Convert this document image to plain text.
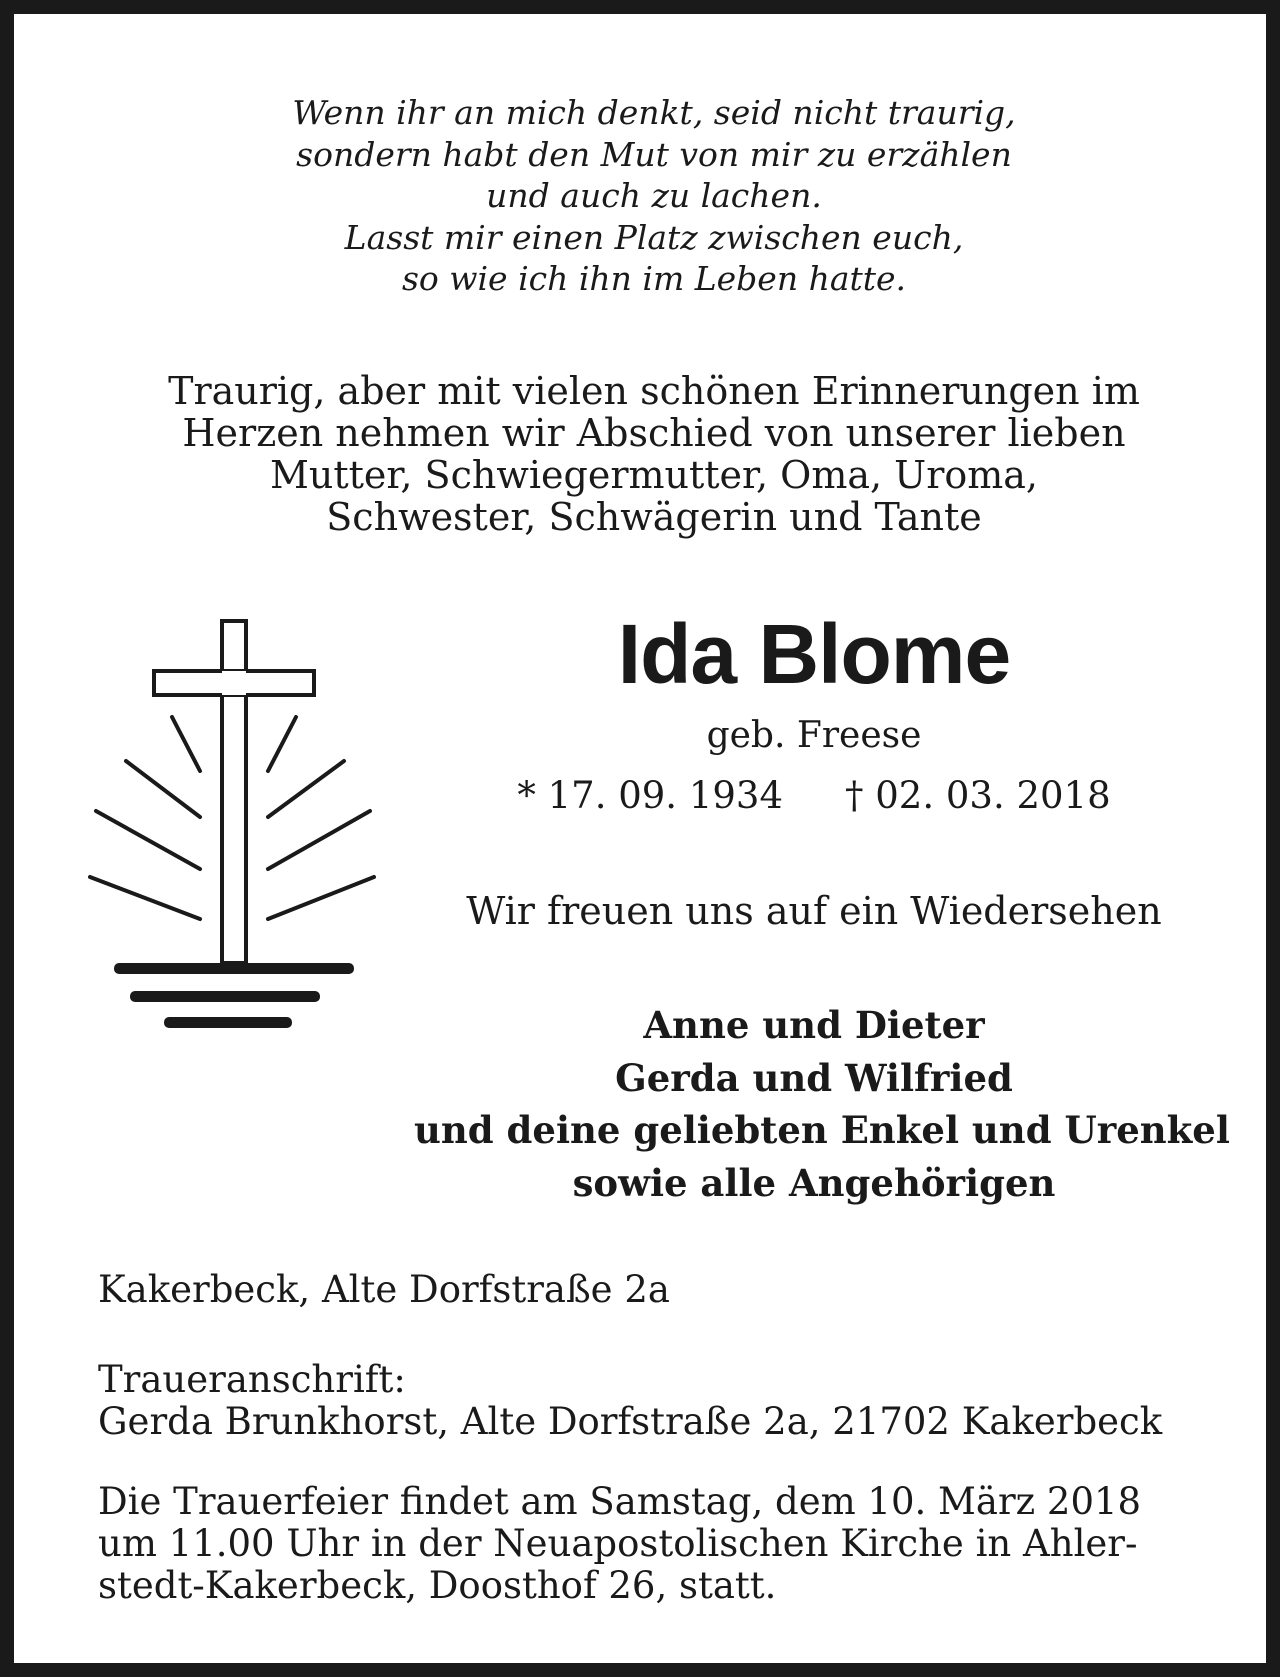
Wenn ihr an mich denkt, seid nicht traurig,
sondern habt den Mut von mir zu erzählen
und auch zu lachen.
Lasst mir einen Platz zwischen euch,
so wie ich ihn im Leben hatte.
Traurig, aber mit vielen schönen Erinnerungen im
Herzen nehmen wir Abschied von unserer lieben
Mutter, Schwiegermutter, Oma, Uroma,
Schwester, Schwägerin und Tante
Ida Blome
geb. Freese
* 17. 09. 1934 † 02. 03. 2018
Wir freuen uns auf ein Wiedersehen
Anne und Dieter
Gerda und Wilfried
und deine geliebten Enkel und Urenkel
sowie alle Angehörigen
Kakerbeck, Alte Dorfstraße 2a
Traueranschrift:
Gerda Brunkhorst, Alte Dorfstraße 2a, 21702 Kakerbeck
Die Trauerfeier findet am Samstag, dem 10. März 2018
um 11.00 Uhr in der Neuapostolischen Kirche in Ahler-
stedt-Kakerbeck, Doosthof 26, statt.
